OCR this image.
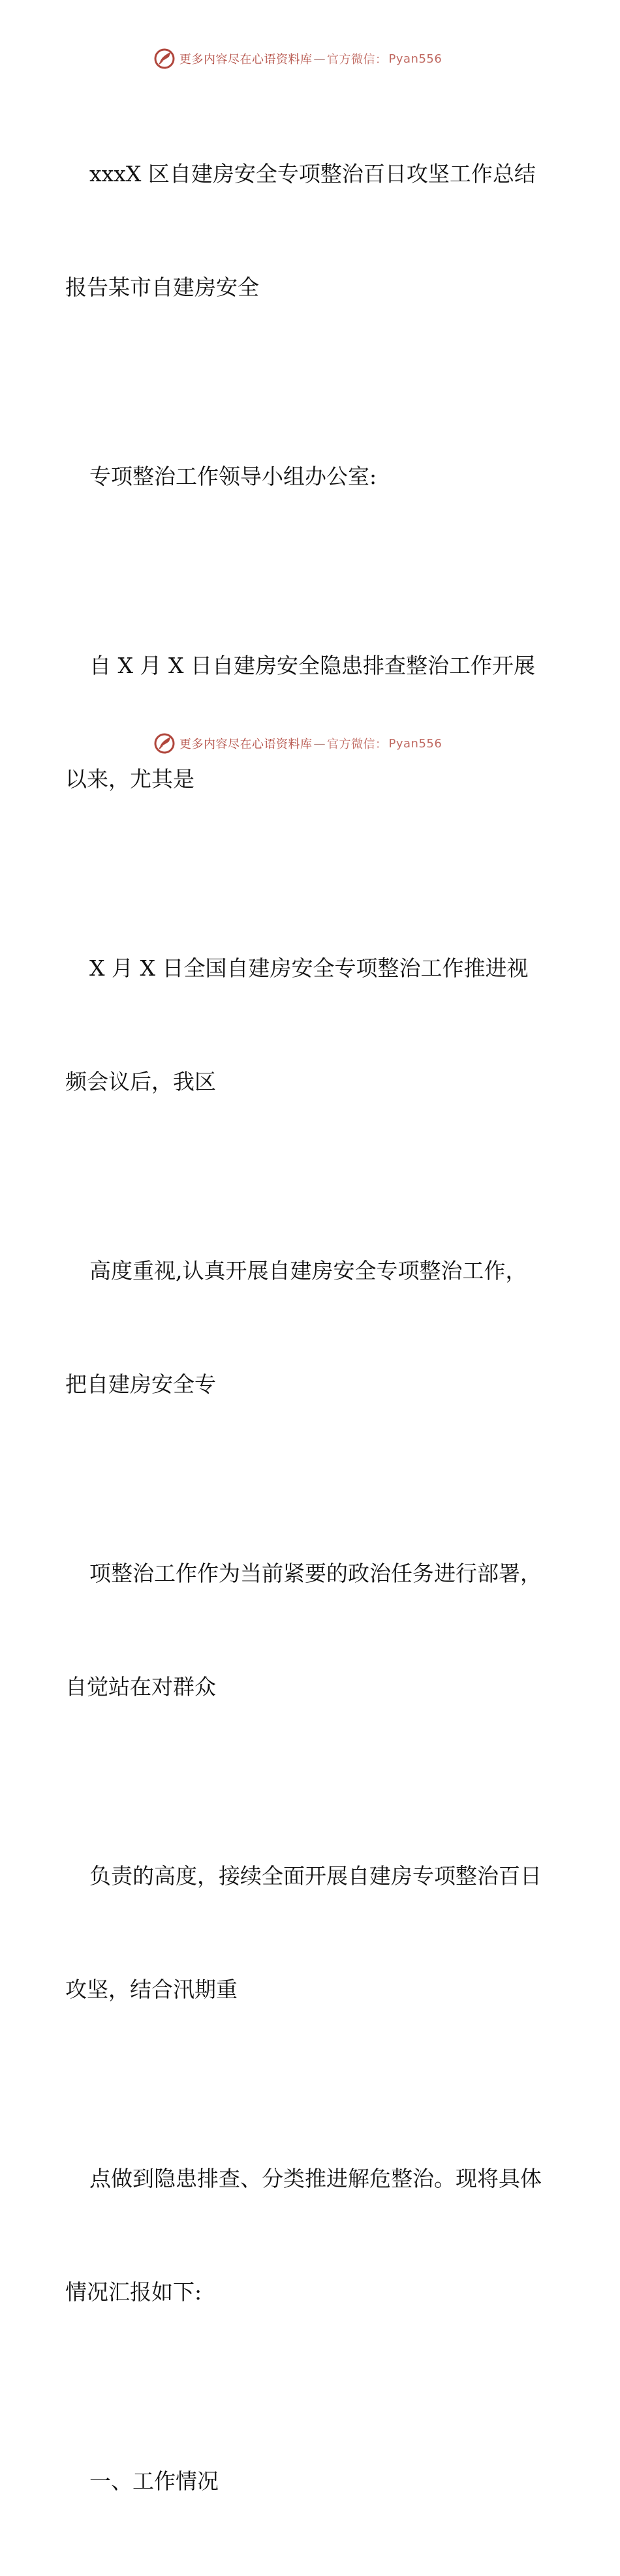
更多内容尽在心语资料库 — 官方微信： Pyan556

xxxX 区自建房安全专项整治百日攻坚工作总结

报告某市自建房安全

专项整治工作领导小组办公室:

自 X 月 X 日自建房安全隐患排查整治工作开展

以来，尤其是

X 月 X 日全国自建房安全专项整治工作推进视

频会议后，我区

高度重视,认真开展自建房安全专项整治工作，

把自建房安全专

项整治工作作为当前紧要的政治任务进行部署，

自觉站在对群众

负责的高度，接续全面开展自建房专项整治百日

攻坚，结合汛期重

点做到隐患排查、分类推进解危整治。现将具体

情况汇报如下:

一、工作情况

更多内容尽在心语资料库 — 官方微信： Pyan556
